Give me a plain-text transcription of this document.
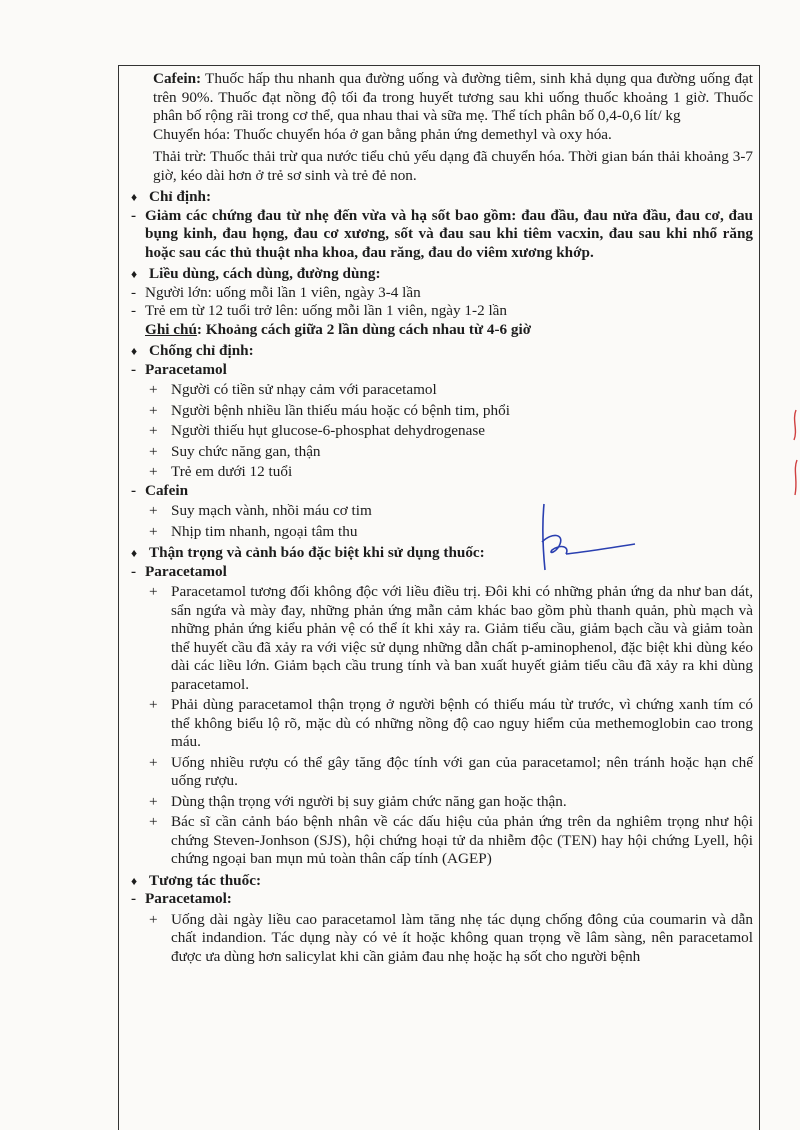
Cafein: Thuốc hấp thu nhanh qua đường uống và đường tiêm, sinh khả dụng qua đường uống đạt trên 90%. Thuốc đạt nồng độ tối đa trong huyết tương sau khi uống thuốc khoảng 1 giờ. Thuốc phân bố rộng rãi trong cơ thể, qua nhau thai và sữa mẹ. Thể tích phân bố 0,4-0,6 lít/ kg

Chuyển hóa: Thuốc chuyển hóa ở gan bằng phản ứng demethyl và oxy hóa.

Thải trừ: Thuốc thải trừ qua nước tiểu chủ yếu dạng đã chuyển hóa. Thời gian bán thải khoảng 3-7 giờ, kéo dài hơn ở trẻ sơ sinh và trẻ đẻ non.

♦ Chỉ định:
- Giảm các chứng đau từ nhẹ đến vừa và hạ sốt bao gồm: đau đầu, đau nửa đầu, đau cơ, đau bụng kinh, đau họng, đau cơ xương, sốt và đau sau khi tiêm vacxin, đau sau khi nhổ răng hoặc sau các thủ thuật nha khoa, đau răng, đau do viêm xương khớp.
♦ Liều dùng, cách dùng, đường dùng:
- Người lớn: uống mỗi lần 1 viên, ngày 3-4 lần
- Trẻ em từ 12 tuổi trở lên: uống mỗi lần 1 viên, ngày 1-2 lần

Ghi chú: Khoảng cách giữa 2 lần dùng cách nhau từ 4-6 giờ

♦ Chống chỉ định:
- Paracetamol
+ Người có tiền sử nhạy cảm với paracetamol
+ Người bệnh nhiều lần thiếu máu hoặc có bệnh tim, phổi
+ Người thiếu hụt glucose-6-phosphat dehydrogenase
+ Suy chức năng gan, thận
+ Trẻ em dưới 12 tuổi
- Cafein
+ Suy mạch vành, nhồi máu cơ tim
+ Nhịp tim nhanh, ngoại tâm thu
♦ Thận trọng và cảnh báo đặc biệt khi sử dụng thuốc:
- Paracetamol
+ Paracetamol tương đối không độc với liều điều trị. Đôi khi có những phản ứng da như ban dát, sẩn ngứa và mày đay, những phản ứng mẫn cảm khác bao gồm phù thanh quản, phù mạch và những phản ứng kiểu phản vệ có thể ít khi xảy ra. Giảm tiểu cầu, giảm bạch cầu và giảm toàn thể huyết cầu đã xảy ra với việc sử dụng những dẫn chất p-aminophenol, đặc biệt khi dùng kéo dài các liều lớn. Giảm bạch cầu trung tính và ban xuất huyết giảm tiểu cầu đã xảy ra khi dùng paracetamol.
+ Phải dùng paracetamol thận trọng ở người bệnh có thiếu máu từ trước, vì chứng xanh tím có thể không biểu lộ rõ, mặc dù có những nồng độ cao nguy hiểm của methemoglobin cao trong máu.
+ Uống nhiều rượu có thể gây tăng độc tính với gan của paracetamol; nên tránh hoặc hạn chế uống rượu.
+ Dùng thận trọng với người bị suy giảm chức năng gan hoặc thận.
+ Bác sĩ cần cảnh báo bệnh nhân về các dấu hiệu của phản ứng trên da nghiêm trọng như hội chứng Steven-Jonhson (SJS), hội chứng hoại tử da nhiễm độc (TEN) hay hội chứng Lyell, hội chứng ngoại ban mụn mủ toàn thân cấp tính (AGEP)
♦ Tương tác thuốc:
- Paracetamol:
+ Uống dài ngày liều cao paracetamol làm tăng nhẹ tác dụng chống đông của coumarin và dẫn chất indandion. Tác dụng này có vẻ ít hoặc không quan trọng về lâm sàng, nên paracetamol được ưa dùng hơn salicylat khi cần giảm đau nhẹ hoặc hạ sốt cho người bệnh
